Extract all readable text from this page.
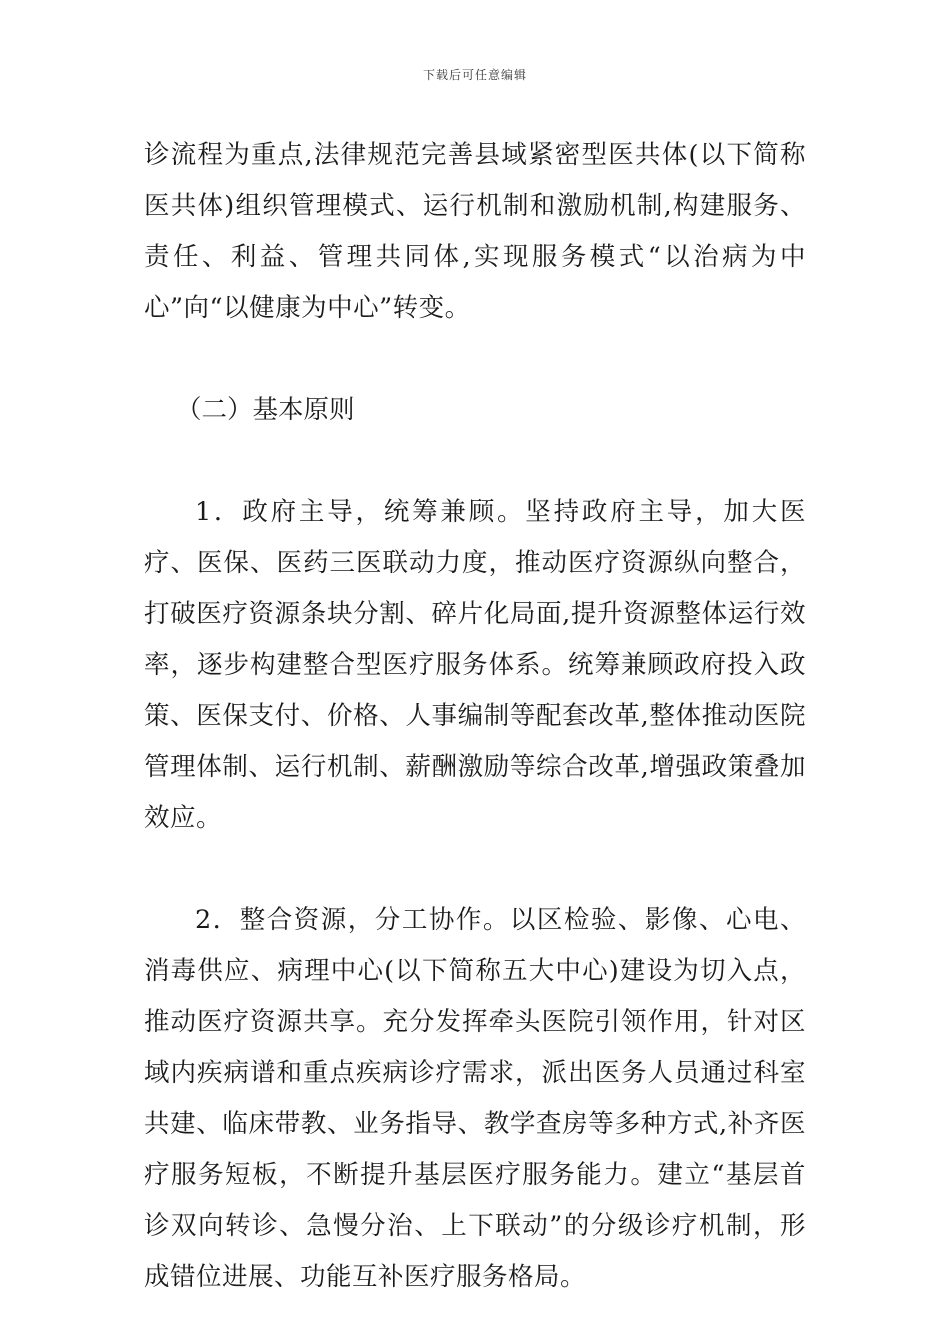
下载后可任意编辑

诊流程为重点,法律规范完善县域紧密型医共体(以下简称医共体)组织管理模式、运行机制和激励机制,构建服务、责任、利益、管理共同体,实现服务模式“以治病为中心”向“以健康为中心”转变。

（二）基本原则

1．政府主导，统筹兼顾。坚持政府主导，加大医疗、医保、医药三医联动力度，推动医疗资源纵向整合，打破医疗资源条块分割、碎片化局面,提升资源整体运行效率，逐步构建整合型医疗服务体系。统筹兼顾政府投入政策、医保支付、价格、人事编制等配套改革,整体推动医院管理体制、运行机制、薪酬激励等综合改革,增强政策叠加效应。

2．整合资源，分工协作。以区检验、影像、心电、消毒供应、病理中心(以下简称五大中心)建设为切入点，推动医疗资源共享。充分发挥牵头医院引领作用，针对区域内疾病谱和重点疾病诊疗需求，派出医务人员通过科室共建、临床带教、业务指导、教学查房等多种方式,补齐医疗服务短板，不断提升基层医疗服务能力。建立“基层首诊双向转诊、急慢分治、上下联动”的分级诊疗机制，形成错位进展、功能互补医疗服务格局。
